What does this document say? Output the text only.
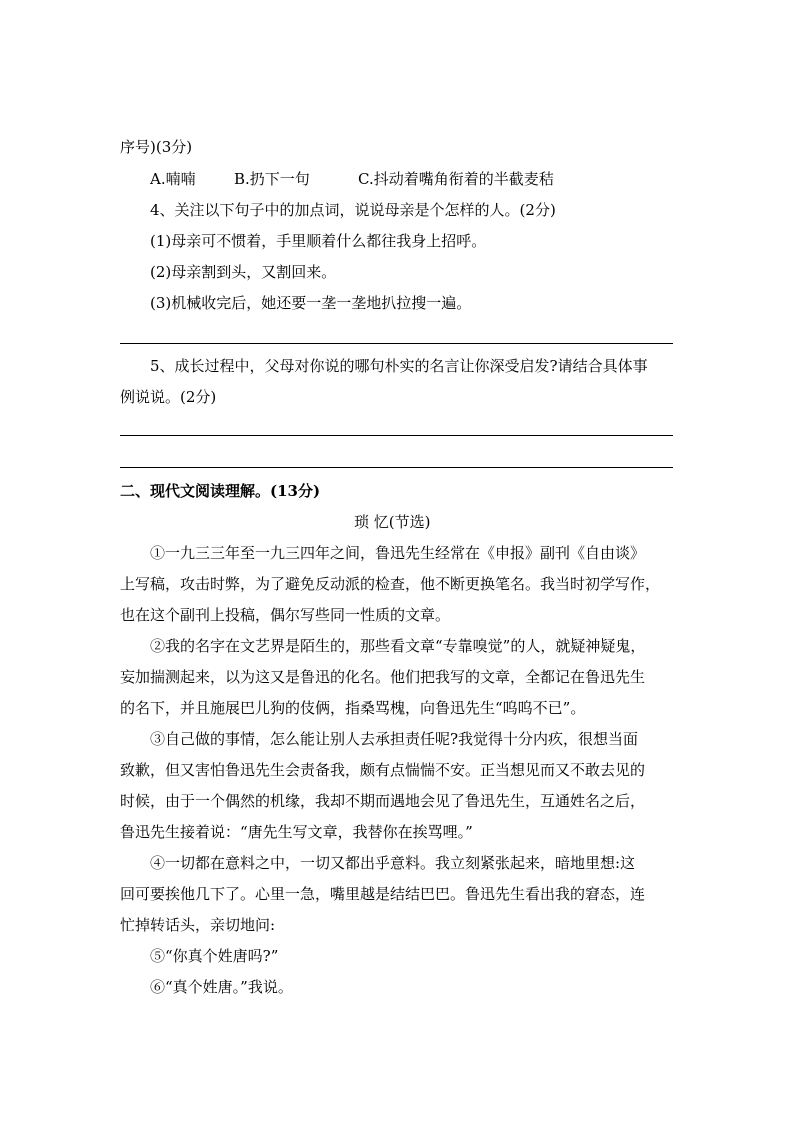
序号)(3分)
A.喃喃	B.扔下一句	C.抖动着嘴角衔着的半截麦秸
4、关注以下句子中的加点词，说说母亲是个怎样的人。(2分)
(1)母亲可不惯着，手里顺着什么都往我身上招呼。
(2)母亲割到头，又割回来。
(3)机械收完后，她还要一垄一垄地扒拉搜一遍。
5、成长过程中，父母对你说的哪句朴实的名言让你深受启发?请结合具体事
例说说。(2分)
二、现代文阅读理解。(13分)
琐 忆(节选)
①一九三三年至一九三四年之间，鲁迅先生经常在《申报》副刊《自由谈》
上写稿，攻击时弊，为了避免反动派的检查，他不断更换笔名。我当时初学写作，
也在这个副刊上投稿，偶尔写些同一性质的文章。
②我的名字在文艺界是陌生的，那些看文章“专靠嗅觉”的人，就疑神疑鬼，
妄加揣测起来，以为这又是鲁迅的化名。他们把我写的文章，全都记在鲁迅先生
的名下，并且施展巴儿狗的伎俩，指桑骂槐，向鲁迅先生“呜呜不已”。
③自己做的事情，怎么能让别人去承担责任呢?我觉得十分内疚，很想当面
致歉，但又害怕鲁迅先生会责备我，颇有点惴惴不安。正当想见而又不敢去见的
时候，由于一个偶然的机缘，我却不期而遇地会见了鲁迅先生，互通姓名之后，
鲁迅先生接着说：“唐先生写文章，我替你在挨骂哩。”
④一切都在意料之中，一切又都出乎意料。我立刻紧张起来，暗地里想:这
回可要挨他几下了。心里一急，嘴里越是结结巴巴。鲁迅先生看出我的窘态，连
忙掉转话头，亲切地问:
⑤“你真个姓唐吗?”
⑥“真个姓唐。”我说。
